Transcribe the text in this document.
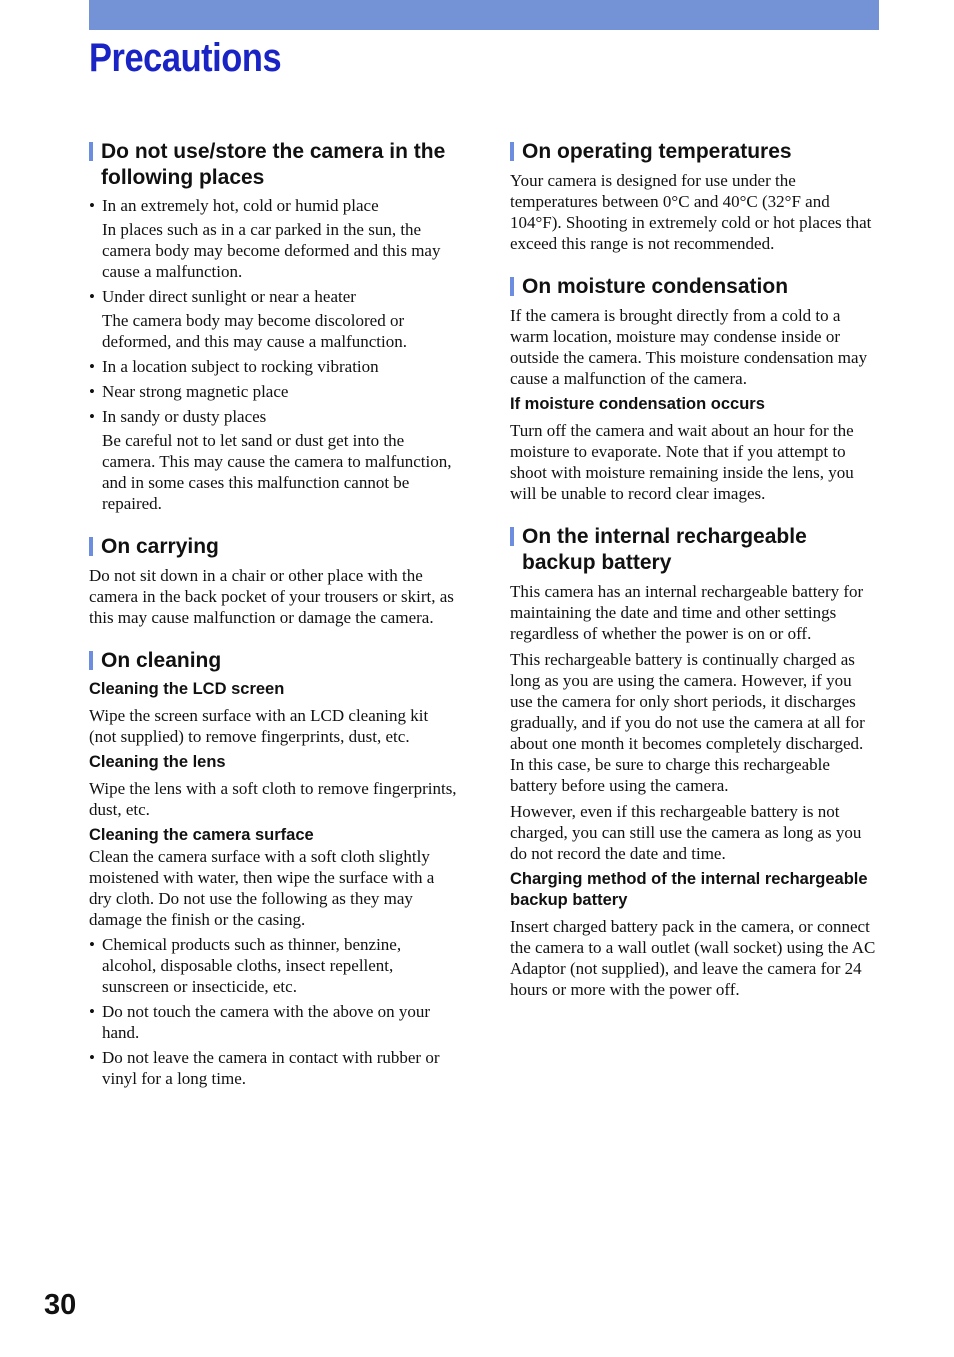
Precautions
Do not use/store the camera in the following places
• In an extremely hot, cold or humid place
In places such as in a car parked in the sun, the camera body may become deformed and this may cause a malfunction.
• Under direct sunlight or near a heater
The camera body may become discolored or deformed, and this may cause a malfunction.
• In a location subject to rocking vibration
• Near strong magnetic place
• In sandy or dusty places
Be careful not to let sand or dust get into the camera. This may cause the camera to malfunction, and in some cases this malfunction cannot be repaired.
On carrying

Do not sit down in a chair or other place with the camera in the back pocket of your trousers or skirt, as this may cause malfunction or damage the camera.

On cleaning
Cleaning the LCD screen

Wipe the screen surface with an LCD cleaning kit (not supplied) to remove fingerprints, dust, etc.

Cleaning the lens

Wipe the lens with a soft cloth to remove fingerprints, dust, etc.

Cleaning the camera surface

Clean the camera surface with a soft cloth slightly moistened with water, then wipe the surface with a dry cloth. Do not use the following as they may damage the finish or the casing.

• Chemical products such as thinner, benzine, alcohol, disposable cloths, insect repellent, sunscreen or insecticide, etc.
• Do not touch the camera with the above on your hand.
• Do not leave the camera in contact with rubber or vinyl for a long time.
On operating temperatures

Your camera is designed for use under the temperatures between 0°C and 40°C (32°F and 104°F). Shooting in extremely cold or hot places that exceed this range is not recommended.

On moisture condensation

If the camera is brought directly from a cold to a warm location, moisture may condense inside or outside the camera. This moisture condensation may cause a malfunction of the camera.

If moisture condensation occurs

Turn off the camera and wait about an hour for the moisture to evaporate. Note that if you attempt to shoot with moisture remaining inside the lens, you will be unable to record clear images.

On the internal rechargeable backup battery

This camera has an internal rechargeable battery for maintaining the date and time and other settings regardless of whether the power is on or off.

This rechargeable battery is continually charged as long as you are using the camera. However, if you use the camera for only short periods, it discharges gradually, and if you do not use the camera at all for about one month it becomes completely discharged. In this case, be sure to charge this rechargeable battery before using the camera.

However, even if this rechargeable battery is not charged, you can still use the camera as long as you do not record the date and time.

Charging method of the internal rechargeable backup battery

Insert charged battery pack in the camera, or connect the camera to a wall outlet (wall socket) using the AC Adaptor (not supplied), and leave the camera for 24 hours or more with the power off.

30
